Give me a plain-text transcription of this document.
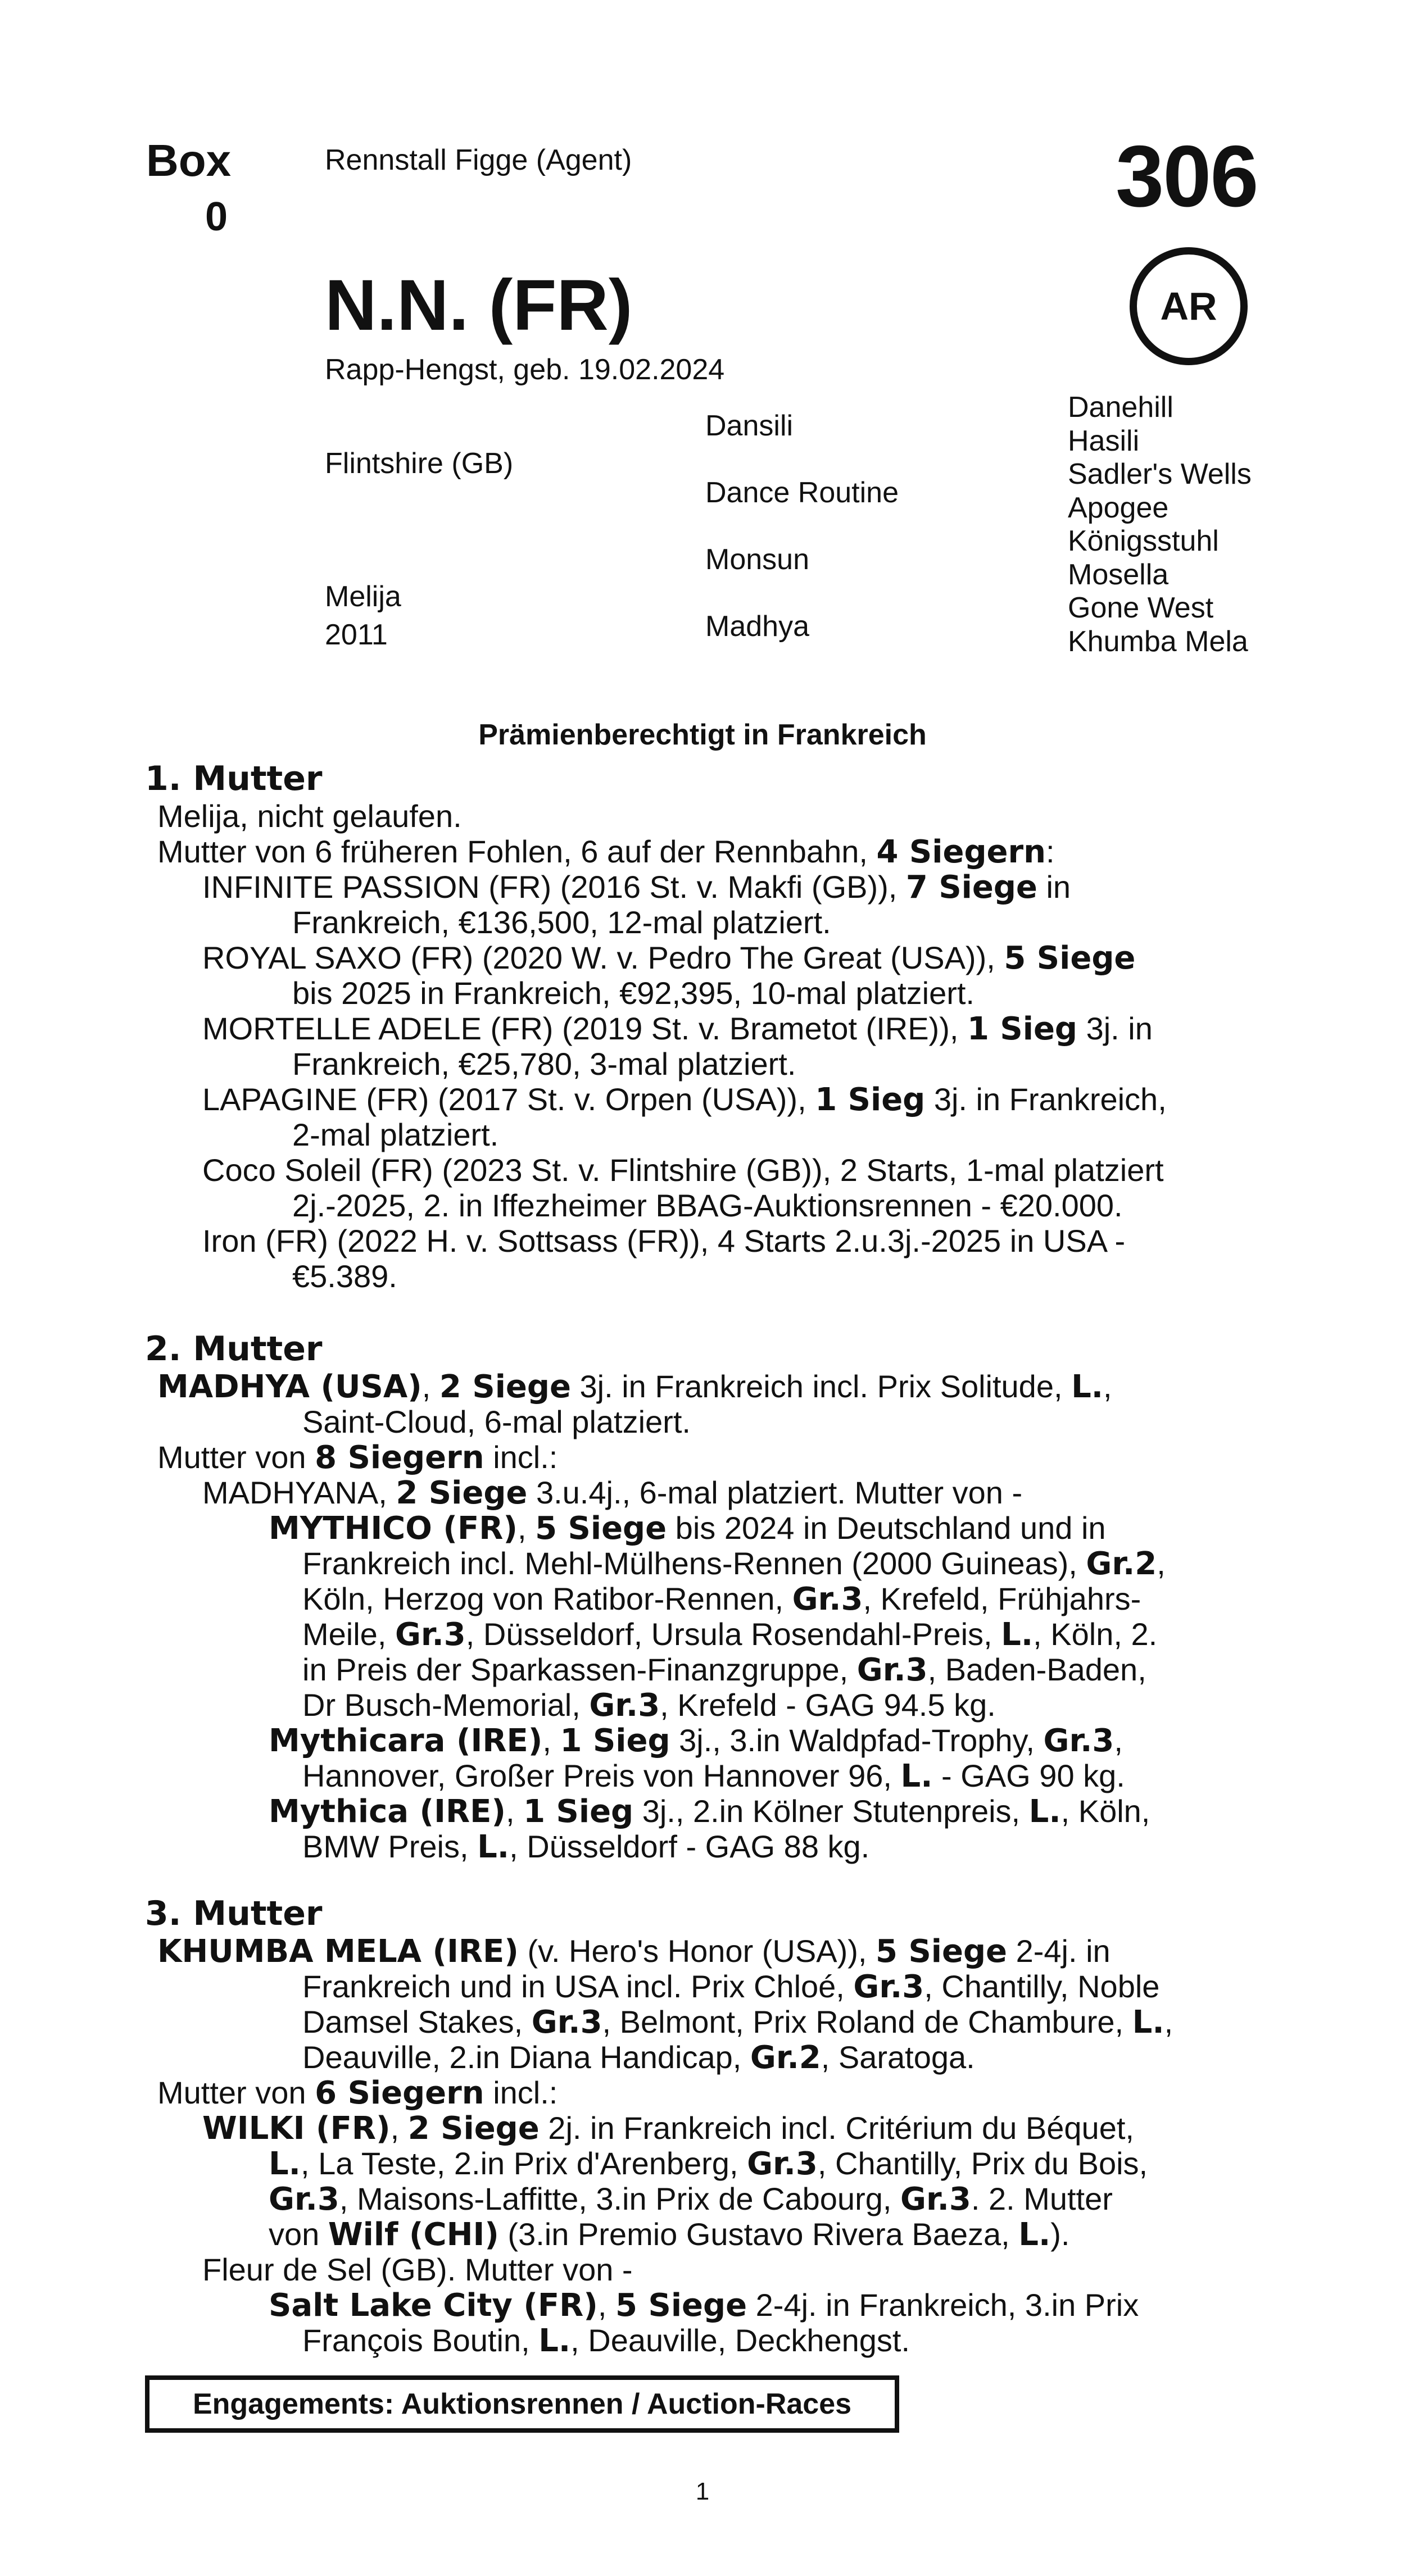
Box
0
Rennstall Figge (Agent)	306
AR
N.N. (FR)
Rapp-Hengst, geb. 19.02.2024
Flintshire (GB)
Melija
2011
Dansili
Dance Routine
Monsun
Madhya
Danehill
Hasili
Sadler's Wells
Apogee
Königsstuhl
Mosella
Gone West
Khumba Mela
Prämienberechtigt in Frankreich
1. Mutter
Melija, nicht gelaufen.
Mutter von 6 früheren Fohlen, 6 auf der Rennbahn, 4 Siegern:
INFINITE PASSION (FR) (2016 St. v. Makfi (GB)), 7 Siege in
Frankreich, €136,500, 12-mal platziert.
ROYAL SAXO (FR) (2020 W. v. Pedro The Great (USA)), 5 Siege
bis 2025 in Frankreich, €92,395, 10-mal platziert.
MORTELLE ADELE (FR) (2019 St. v. Brametot (IRE)), 1 Sieg 3j. in
Frankreich, €25,780, 3-mal platziert.
LAPAGINE (FR) (2017 St. v. Orpen (USA)), 1 Sieg 3j. in Frankreich,
2-mal platziert.
Coco Soleil (FR) (2023 St. v. Flintshire (GB)), 2 Starts, 1-mal platziert
2j.-2025, 2. in Iffezheimer BBAG-Auktionsrennen - €20.000.
Iron (FR) (2022 H. v. Sottsass (FR)), 4 Starts 2.u.3j.-2025 in USA -
€5.389.
2. Mutter
MADHYA (USA), 2 Siege 3j. in Frankreich incl. Prix Solitude, L.,
Saint-Cloud, 6-mal platziert.
Mutter von 8 Siegern incl.:
MADHYANA, 2 Siege 3.u.4j., 6-mal platziert. Mutter von -
MYTHICO (FR), 5 Siege bis 2024 in Deutschland und in
Frankreich incl. Mehl-Mülhens-Rennen (2000 Guineas), Gr.2,
Köln, Herzog von Ratibor-Rennen, Gr.3, Krefeld, Frühjahrs-
Meile, Gr.3, Düsseldorf, Ursula Rosendahl-Preis, L., Köln, 2.
in Preis der Sparkassen-Finanzgruppe, Gr.3, Baden-Baden,
Dr Busch-Memorial, Gr.3, Krefeld - GAG 94.5 kg.
Mythicara (IRE), 1 Sieg 3j., 3.in Waldpfad-Trophy, Gr.3,
Hannover, Großer Preis von Hannover 96, L. - GAG 90 kg.
Mythica (IRE), 1 Sieg 3j., 2.in Kölner Stutenpreis, L., Köln,
BMW Preis, L., Düsseldorf - GAG 88 kg.
3. Mutter
KHUMBA MELA (IRE) (v. Hero's Honor (USA)), 5 Siege 2-4j. in
Frankreich und in USA incl. Prix Chloé, Gr.3, Chantilly, Noble
Damsel Stakes, Gr.3, Belmont, Prix Roland de Chambure, L.,
Deauville, 2.in Diana Handicap, Gr.2, Saratoga.
Mutter von 6 Siegern incl.:
WILKI (FR), 2 Siege 2j. in Frankreich incl. Critérium du Béquet,
L., La Teste, 2.in Prix d'Arenberg, Gr.3, Chantilly, Prix du Bois,
Gr.3, Maisons-Laffitte, 3.in Prix de Cabourg, Gr.3. 2. Mutter
von Wilf (CHI) (3.in Premio Gustavo Rivera Baeza, L.).
Fleur de Sel (GB). Mutter von -
Salt Lake City (FR), 5 Siege 2-4j. in Frankreich, 3.in Prix
François Boutin, L., Deauville, Deckhengst.
Engagements: Auktionsrennen / Auction-Races
1
